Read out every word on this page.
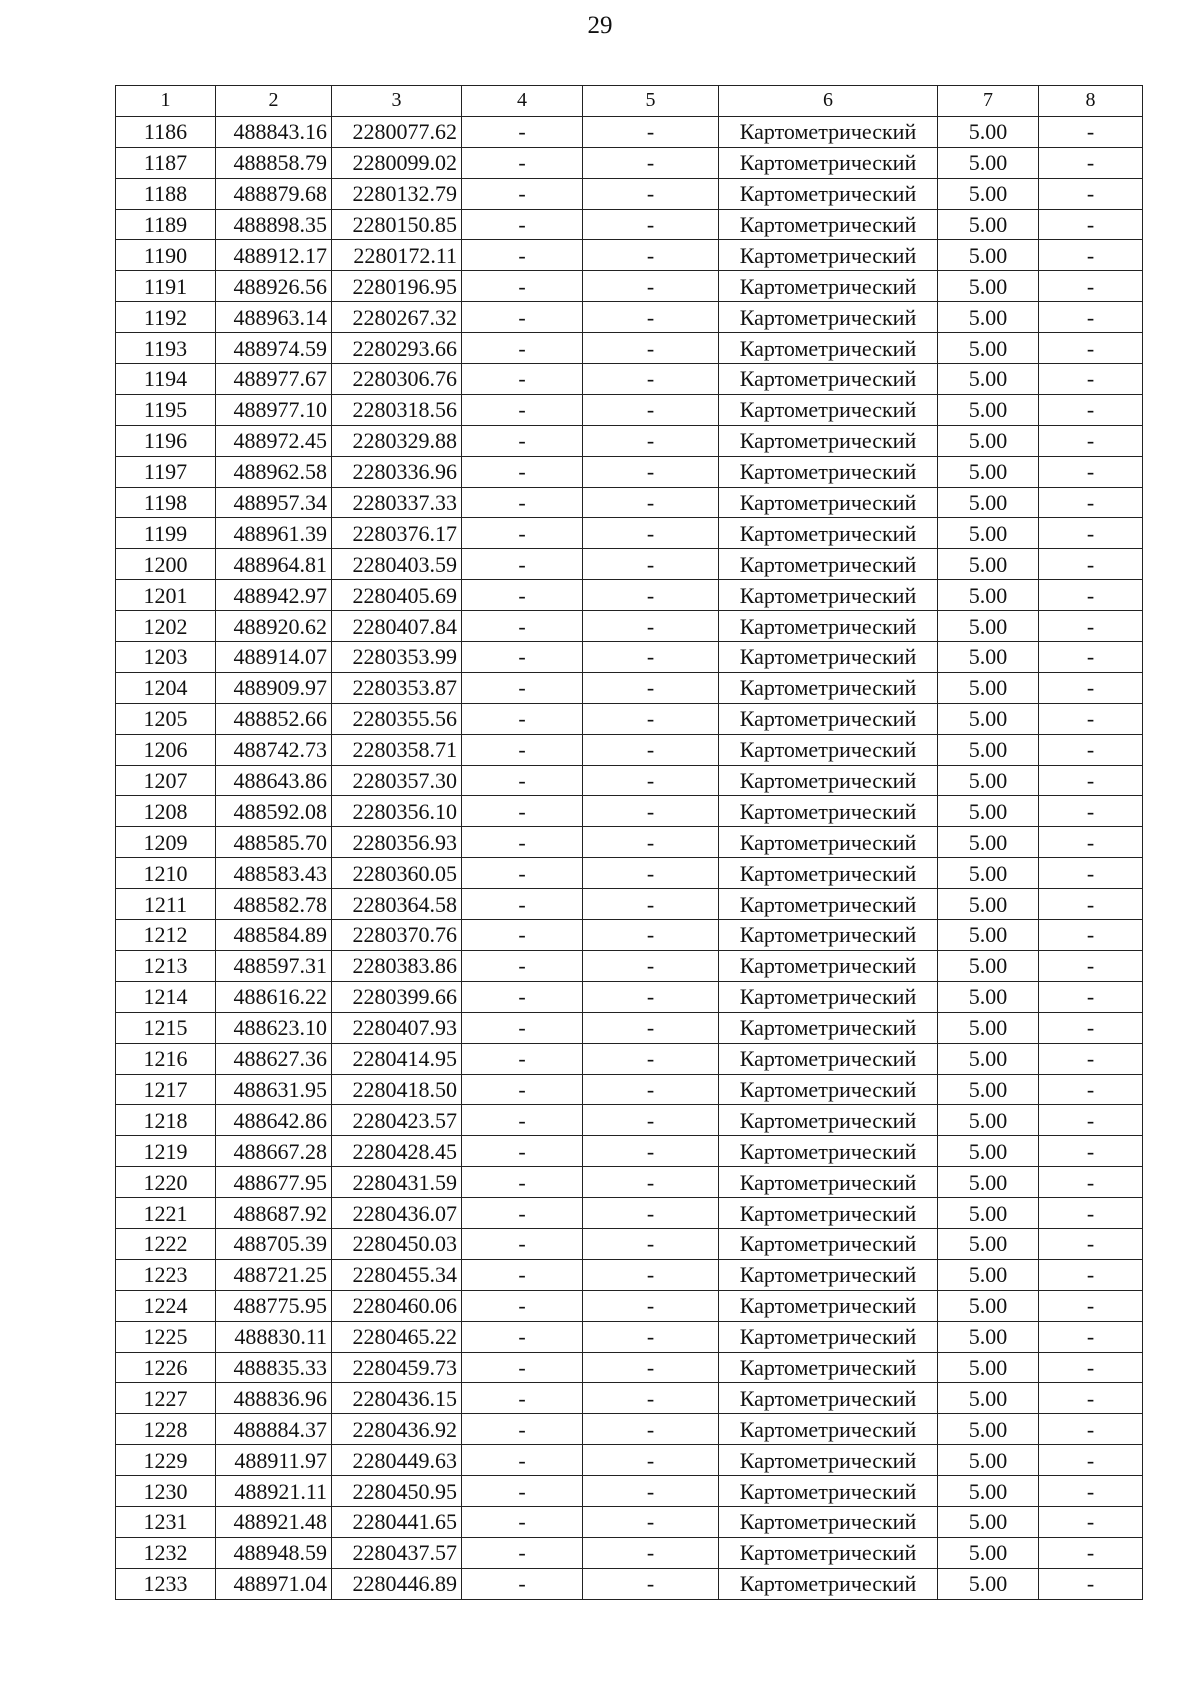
29
1	2	3	4	5	6	7	8
1186	488843.16	2280077.62	-	-	Картометрический	5.00	-
1187	488858.79	2280099.02	-	-	Картометрический	5.00	-
1188	488879.68	2280132.79	-	-	Картометрический	5.00	-
1189	488898.35	2280150.85	-	-	Картометрический	5.00	-
1190	488912.17	2280172.11	-	-	Картометрический	5.00	-
1191	488926.56	2280196.95	-	-	Картометрический	5.00	-
1192	488963.14	2280267.32	-	-	Картометрический	5.00	-
1193	488974.59	2280293.66	-	-	Картометрический	5.00	-
1194	488977.67	2280306.76	-	-	Картометрический	5.00	-
1195	488977.10	2280318.56	-	-	Картометрический	5.00	-
1196	488972.45	2280329.88	-	-	Картометрический	5.00	-
1197	488962.58	2280336.96	-	-	Картометрический	5.00	-
1198	488957.34	2280337.33	-	-	Картометрический	5.00	-
1199	488961.39	2280376.17	-	-	Картометрический	5.00	-
1200	488964.81	2280403.59	-	-	Картометрический	5.00	-
1201	488942.97	2280405.69	-	-	Картометрический	5.00	-
1202	488920.62	2280407.84	-	-	Картометрический	5.00	-
1203	488914.07	2280353.99	-	-	Картометрический	5.00	-
1204	488909.97	2280353.87	-	-	Картометрический	5.00	-
1205	488852.66	2280355.56	-	-	Картометрический	5.00	-
1206	488742.73	2280358.71	-	-	Картометрический	5.00	-
1207	488643.86	2280357.30	-	-	Картометрический	5.00	-
1208	488592.08	2280356.10	-	-	Картометрический	5.00	-
1209	488585.70	2280356.93	-	-	Картометрический	5.00	-
1210	488583.43	2280360.05	-	-	Картометрический	5.00	-
1211	488582.78	2280364.58	-	-	Картометрический	5.00	-
1212	488584.89	2280370.76	-	-	Картометрический	5.00	-
1213	488597.31	2280383.86	-	-	Картометрический	5.00	-
1214	488616.22	2280399.66	-	-	Картометрический	5.00	-
1215	488623.10	2280407.93	-	-	Картометрический	5.00	-
1216	488627.36	2280414.95	-	-	Картометрический	5.00	-
1217	488631.95	2280418.50	-	-	Картометрический	5.00	-
1218	488642.86	2280423.57	-	-	Картометрический	5.00	-
1219	488667.28	2280428.45	-	-	Картометрический	5.00	-
1220	488677.95	2280431.59	-	-	Картометрический	5.00	-
1221	488687.92	2280436.07	-	-	Картометрический	5.00	-
1222	488705.39	2280450.03	-	-	Картометрический	5.00	-
1223	488721.25	2280455.34	-	-	Картометрический	5.00	-
1224	488775.95	2280460.06	-	-	Картометрический	5.00	-
1225	488830.11	2280465.22	-	-	Картометрический	5.00	-
1226	488835.33	2280459.73	-	-	Картометрический	5.00	-
1227	488836.96	2280436.15	-	-	Картометрический	5.00	-
1228	488884.37	2280436.92	-	-	Картометрический	5.00	-
1229	488911.97	2280449.63	-	-	Картометрический	5.00	-
1230	488921.11	2280450.95	-	-	Картометрический	5.00	-
1231	488921.48	2280441.65	-	-	Картометрический	5.00	-
1232	488948.59	2280437.57	-	-	Картометрический	5.00	-
1233	488971.04	2280446.89	-	-	Картометрический	5.00	-
